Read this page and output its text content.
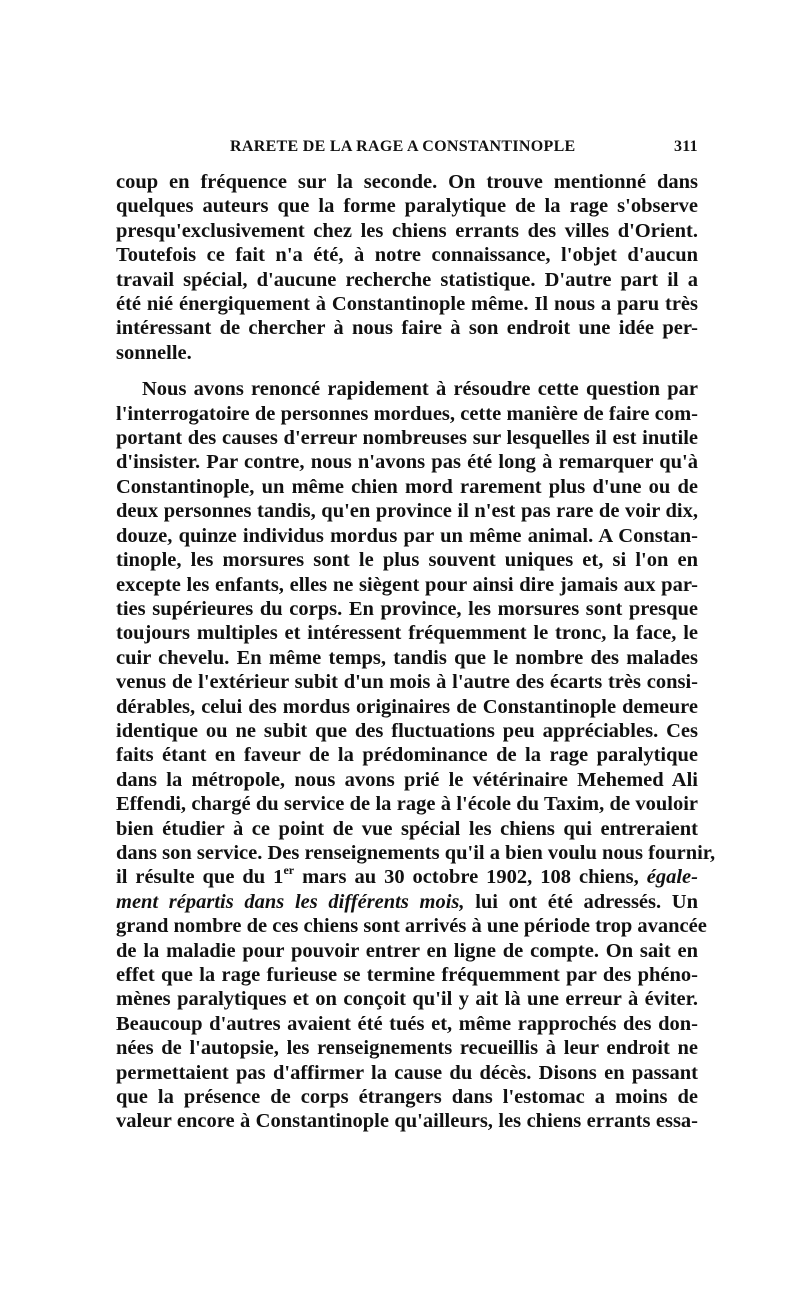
RARETE DE LA RAGE A CONSTANTINOPLE	311

coup en fréquence sur la seconde. On trouve mentionné dans
quelques auteurs que la forme paralytique de la rage s'observe
presqu'exclusivement chez les chiens errants des villes d'Orient.
Toutefois ce fait n'a été, à notre connaissance, l'objet d'aucun
travail spécial, d'aucune recherche statistique. D'autre part il a
été nié énergiquement à Constantinople même. Il nous a paru très
intéressant de chercher à nous faire à son endroit une idée per-
sonnelle.

Nous avons renoncé rapidement à résoudre cette question par
l'interrogatoire de personnes mordues, cette manière de faire com-
portant des causes d'erreur nombreuses sur lesquelles il est inutile
d'insister. Par contre, nous n'avons pas été long à remarquer qu'à
Constantinople, un même chien mord rarement plus d'une ou de
deux personnes tandis, qu'en province il n'est pas rare de voir dix,
douze, quinze individus mordus par un même animal. A Constan-
tinople, les morsures sont le plus souvent uniques et, si l'on en
excepte les enfants, elles ne siègent pour ainsi dire jamais aux par-
ties supérieures du corps. En province, les morsures sont presque
toujours multiples et intéressent fréquemment le tronc, la face, le
cuir chevelu. En même temps, tandis que le nombre des malades
venus de l'extérieur subit d'un mois à l'autre des écarts très consi-
dérables, celui des mordus originaires de Constantinople demeure
identique ou ne subit que des fluctuations peu appréciables. Ces
faits étant en faveur de la prédominance de la rage paralytique
dans la métropole, nous avons prié le vétérinaire Mehemed Ali
Effendi, chargé du service de la rage à l'école du Taxim, de vouloir
bien étudier à ce point de vue spécial les chiens qui entreraient
dans son service. Des renseignements qu'il a bien voulu nous fournir,
il résulte que du 1er mars au 30 octobre 1902, 108 chiens, égale-
ment répartis dans les différents mois, lui ont été adressés. Un
grand nombre de ces chiens sont arrivés à une période trop avancée
de la maladie pour pouvoir entrer en ligne de compte. On sait en
effet que la rage furieuse se termine fréquemment par des phéno-
mènes paralytiques et on conçoit qu'il y ait là une erreur à éviter.
Beaucoup d'autres avaient été tués et, même rapprochés des don-
nées de l'autopsie, les renseignements recueillis à leur endroit ne
permettaient pas d'affirmer la cause du décès. Disons en passant
que la présence de corps étrangers dans l'estomac a moins de
valeur encore à Constantinople qu'ailleurs, les chiens errants essa-
